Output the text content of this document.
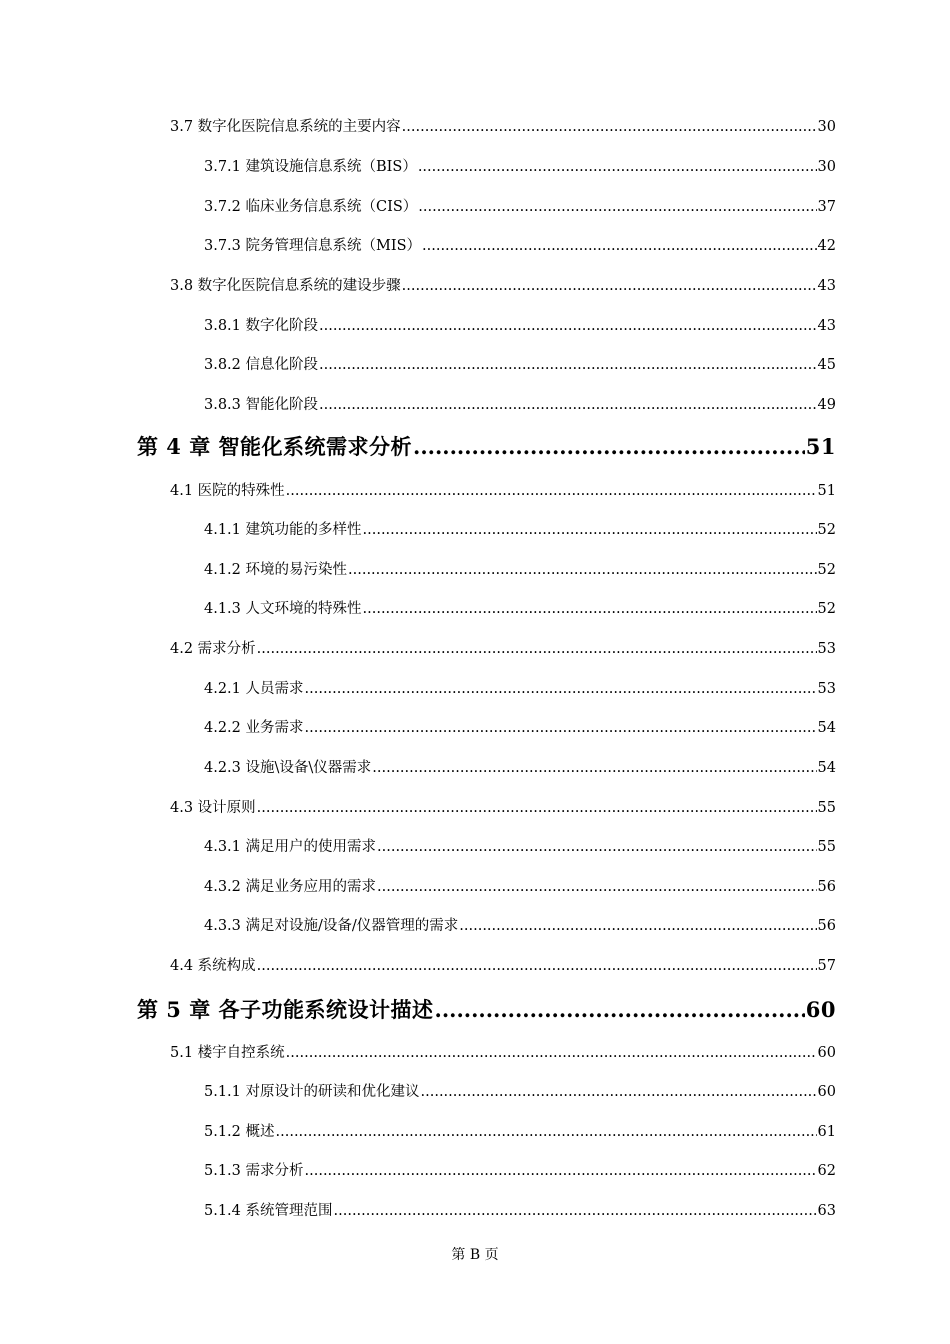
3.7 数字化医院信息系统的主要内容 .....	30
3.7.1 建筑设施信息系统（BIS） .....	30
3.7.2 临床业务信息系统（CIS） .....	37
3.7.3 院务管理信息系统（MIS） .....	42
3.8 数字化医院信息系统的建设步骤 .....	43
3.8.1 数字化阶段 .....	43
3.8.2 信息化阶段 .....	45
3.8.3 智能化阶段 .....	49
第 4 章 智能化系统需求分析 .....	51
4.1 医院的特殊性 .....	51
4.1.1 建筑功能的多样性 .....	52
4.1.2 环境的易污染性 .....	52
4.1.3 人文环境的特殊性 .....	52
4.2 需求分析 .....	53
4.2.1 人员需求 .....	53
4.2.2 业务需求 .....	54
4.2.3 设施\设备\仪器需求 .....	54
4.3 设计原则 .....	55
4.3.1 满足用户的使用需求 .....	55
4.3.2 满足业务应用的需求 .....	56
4.3.3 满足对设施/设备/仪器管理的需求 .....	56
4.4 系统构成 .....	57
第 5 章 各子功能系统设计描述 .....	60
5.1 楼宇自控系统 .....	60
5.1.1 对原设计的研读和优化建议 .....	60
5.1.2 概述 .....	61
5.1.3 需求分析 .....	62
5.1.4 系统管理范围 .....	63
第 B 页
